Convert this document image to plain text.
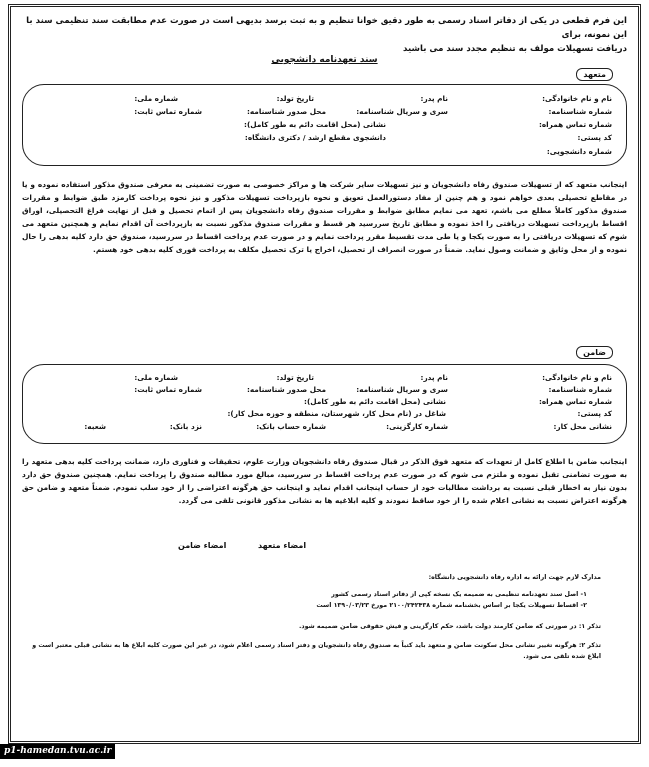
این فرم قطعی در یکی از دفاتر اسناد رسمی به طور دقیق خوانا تنظیم و به ثبت برسد بدیهی است در صورت عدم مطابقت سند تنظیمی سند با این نمونه، برای
دریافت تسهیلات مولف به تنظیم مجدد سند می باشید
سند تعهدنامه دانشجویی
متعهد
نام و نام خانوادگی:
نام پدر:
تاریخ تولد:
شماره ملی:
شماره شناسنامه:
سری و سریال شناسنامه:
محل صدور شناسنامه:
شماره تماس ثابت:
شماره تماس همراه:
نشانی (محل اقامت دائم به طور کامل):
کد پستی:
دانشجوی مقطع ارشد / دکتری دانشگاه:
شماره دانشجویی:
اینجانب متعهد که از تسهیلات صندوق رفاه دانشجویان و نیز تسهیلات سایر شرکت ها و مراکز خصوصی به صورت تضمینی به معرفی صندوق مذکور استفاده نموده و یا در مقاطع تحصیلی بعدی خواهم نمود و هم چنین از مفاد دستورالعمل تعویق و نحوه بازپرداخت تسهیلات مذکور و نیز نحوه پرداخت کارمزد طبق ضوابط و مقررات صندوق مذکور کاملاً مطلع می باشم، تعهد می نمایم مطابق ضوابط و مقررات صندوق رفاه دانشجویان پس از اتمام تحصیل و قبل از نهایت فراغ التحصیلی، اوراق اقساط بازپرداخت تسهیلات دریافتی را اخذ نموده و مطابق تاریخ سررسید هر قسط و مقررات صندوق مذکور نسبت به بازپرداخت آن اقدام نمایم و همچنین متعهد می شوم که تسهیلات دریافتی را به صورت یکجا و یا طی مدت تقسیط مقرر پرداخت نمایم و در صورت عدم پرداخت اقساط در سررسید، صندوق حق دارد کلیه بدهی را حال نموده و از محل وثایق و ضمانت وصول نماید. ضمناً در صورت انصراف از تحصیل، اخراج یا ترک تحصیل مکلف به پرداخت فوری کلیه بدهی خود هستم.
ضامن
نام و نام خانوادگی:
نام پدر:
تاریخ تولد:
شماره ملی:
شماره شناسنامه:
سری و سریال شناسنامه:
محل صدور شناسنامه:
شماره تماس ثابت:
شماره تماس همراه:
نشانی (محل اقامت دائم به طور کامل):
کد پستی:
شاغل در (نام محل کار، شهرستان، منطقه و حوزه محل کار):
نشانی محل کار:
شماره کارگزینی:
شماره حساب بانک:
نزد بانک:
شعبه:
اینجانب ضامن با اطلاع کامل از تعهدات که متعهد فوق الذکر در قبال صندوق رفاه دانشجویان وزارت علوم، تحقیقات و فناوری دارد، ضمانت پرداخت کلیه بدهی متعهد را به صورت تضامنی تقبل نموده و ملتزم می شوم که در صورت عدم پرداخت اقساط در سررسید، مبالغ مورد مطالبه صندوق را پرداخت نمایم. همچنین صندوق حق دارد بدون نیاز به اخطار قبلی نسبت به برداشت مطالبات خود از حساب اینجانب اقدام نماید و اینجانب حق هرگونه اعتراضی را از خود سلب نمودم. ضمناً متعهد و ضامن حق هرگونه اعتراض نسبت به نشانی اعلام شده را از خود ساقط نمودند و کلیه ابلاغیه ها به نشانی مذکور قانونی تلقی می گردد.
امضاء متعهد
امضاء ضامن
مدارک لازم جهت ارائه به اداره رفاه دانشجویی دانشگاه:
۱- اصل سند تعهدنامه تنظیمی به ضمیمه یک نسخه کپی از دفاتر اسناد رسمی کشور
۲- اقساط تسهیلات یکجا بر اساس بخشنامه شماره ۲۱۰۰/۲۴۲۴۳۸ مورخ ۱۳۹۰/۰۳/۲۳ است
تذکر ۱: در صورتی که ضامن کارمند دولت باشد، حکم کارگزینی و فیش حقوقی ضامن ضمیمه شود.
تذکر ۲: هرگونه تغییر نشانی محل سکونت ضامن و متعهد باید کتباً به صندوق رفاه دانشجویان و دفتر اسناد رسمی اعلام شود، در غیر این صورت کلیه ابلاغ ها به نشانی قبلی معتبر است و ابلاغ شده تلقی می شود.
p1-hamedan.tvu.ac.ir
